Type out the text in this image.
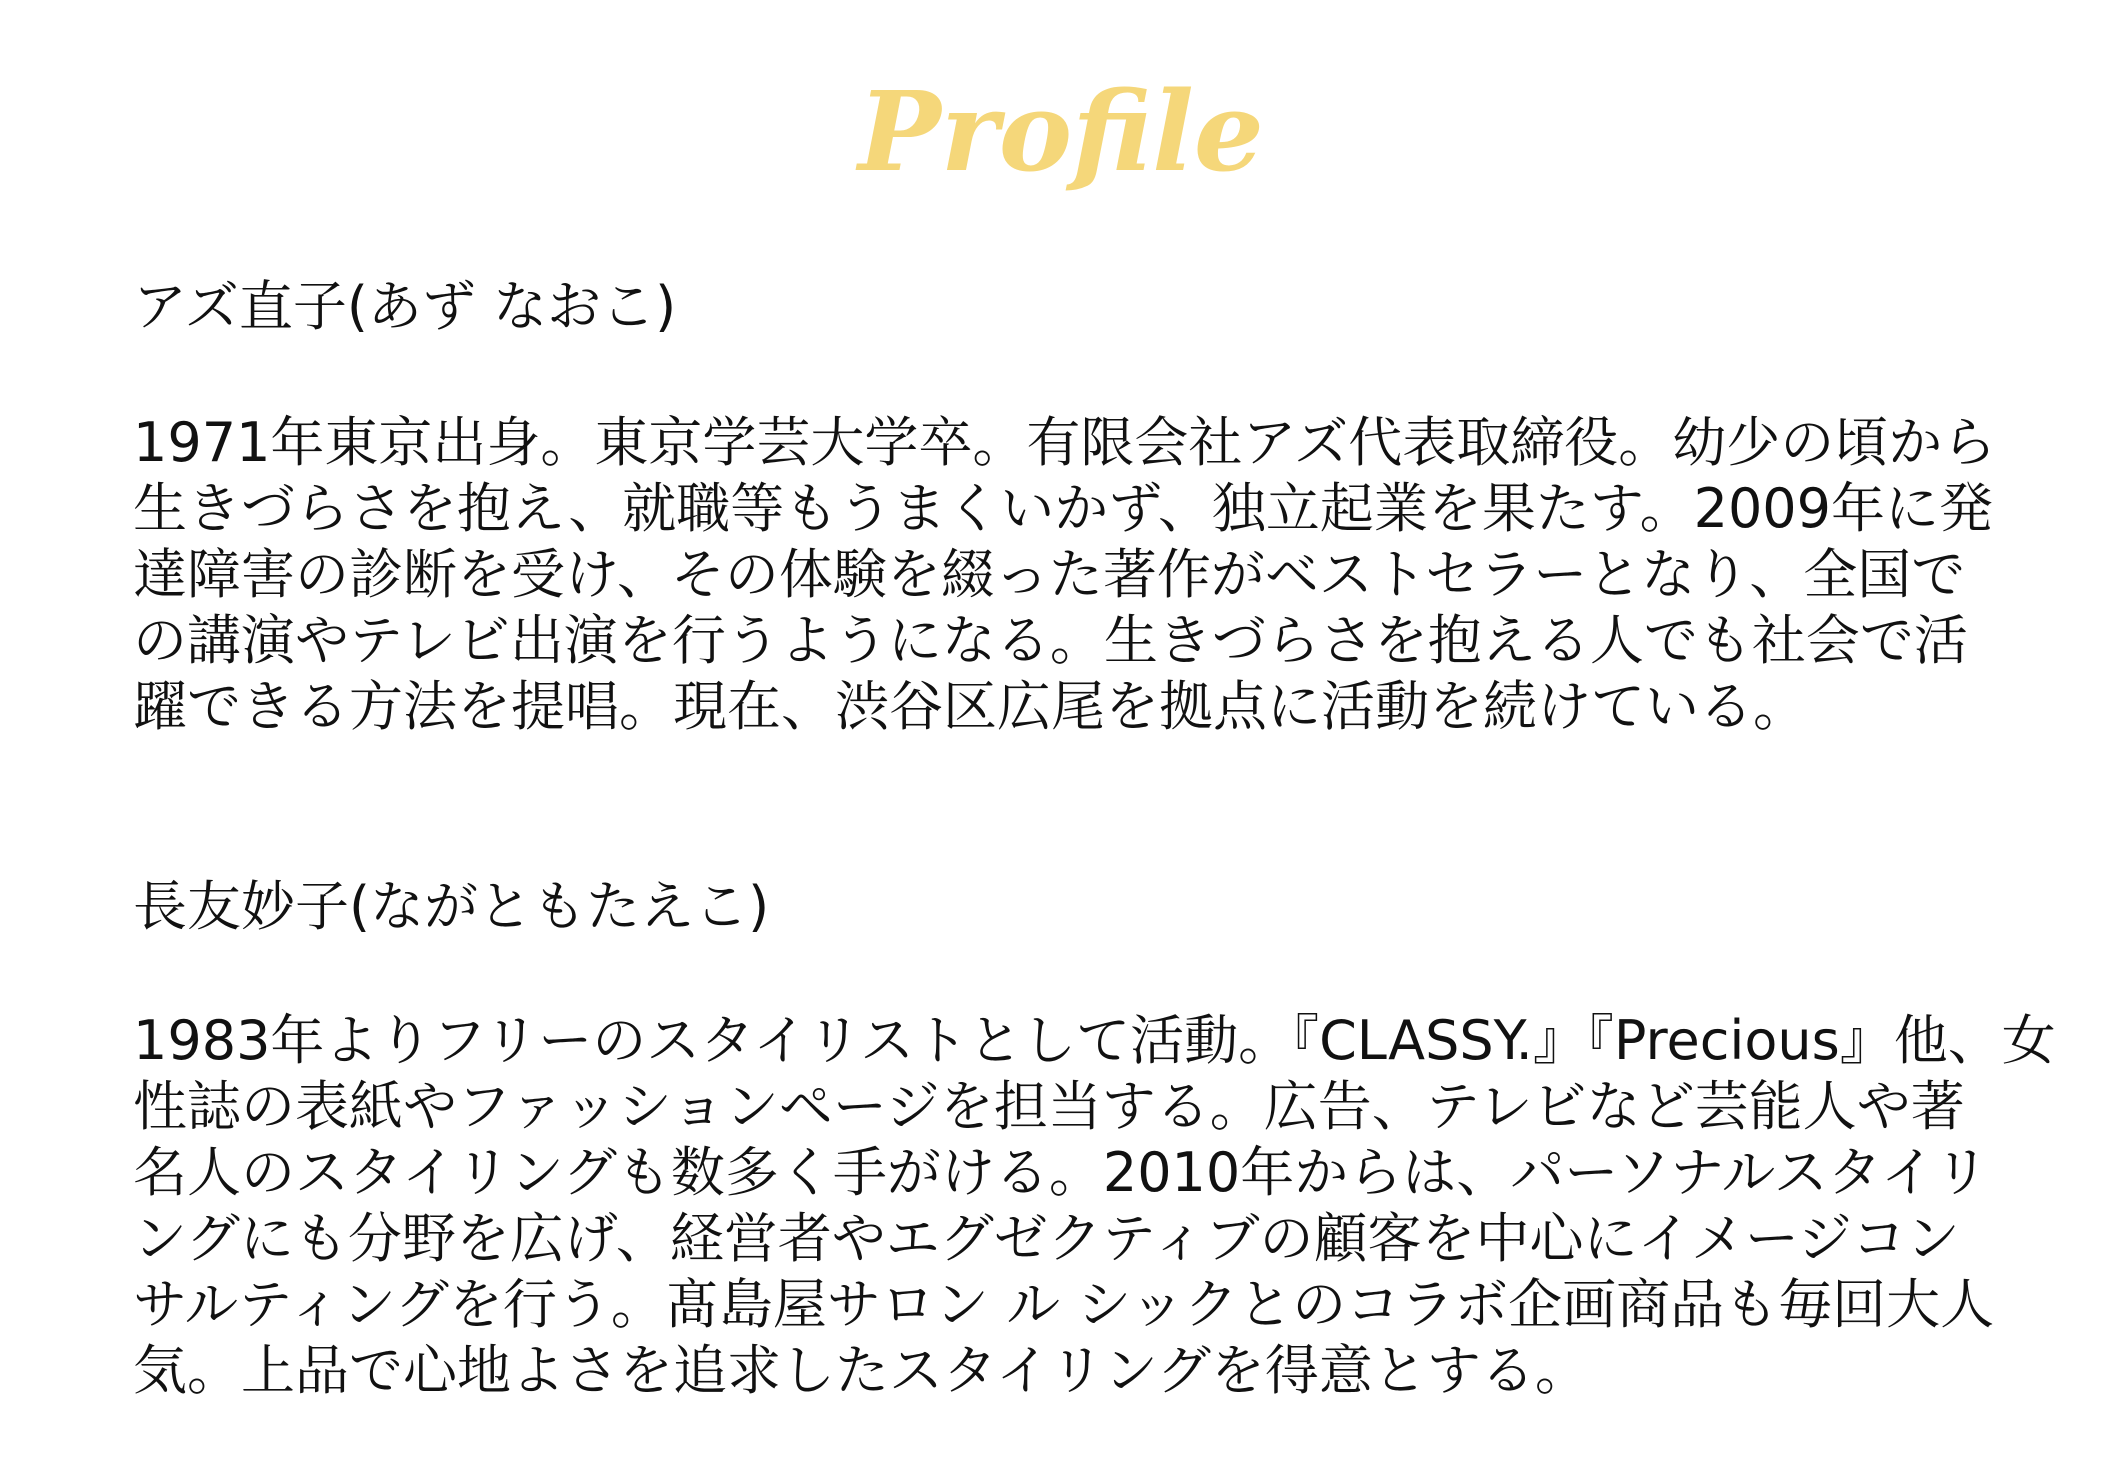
Profile

アズ直子(あず なおこ)

1971年東京出身。東京学芸大学卒。有限会社アズ代表取締役。幼少の頃から
生きづらさを抱え、就職等もうまくいかず、独立起業を果たす。2009年に発
達障害の診断を受け、その体験を綴った著作がベストセラーとなり、全国で
の講演やテレビ出演を行うようになる。生きづらさを抱える人でも社会で活
躍できる方法を提唱。現在、渋谷区広尾を拠点に活動を続けている。

長友妙子(ながともたえこ)

1983年よりフリーのスタイリストとして活動。『CLASSY.』『Precious』他、女
性誌の表紙やファッションページを担当する。広告、テレビなど芸能人や著
名人のスタイリングも数多く手がける。2010年からは、パーソナルスタイリ
ングにも分野を広げ、経営者やエグゼクティブの顧客を中心にイメージコン
サルティングを行う。髙島屋サロン ル シックとのコラボ企画商品も毎回大人
気。上品で心地よさを追求したスタイリングを得意とする。
